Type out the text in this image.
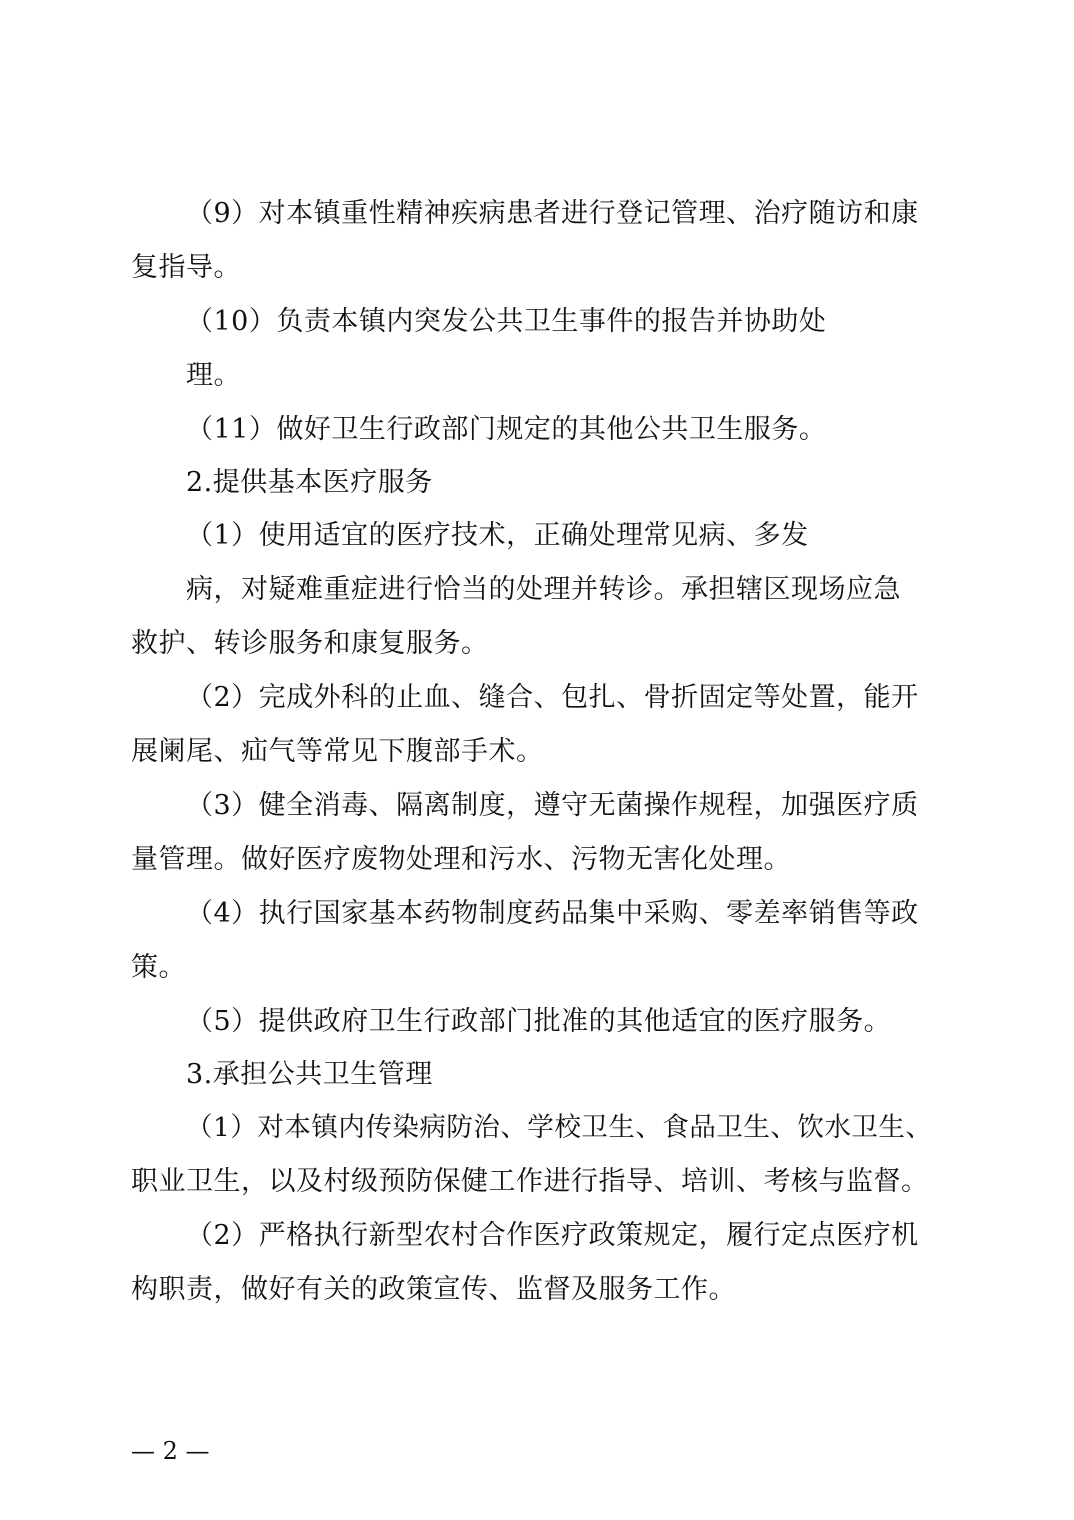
（9）对本镇重性精神疾病患者进行登记管理、治疗随访和康
复指导。
（10）负责本镇内突发公共卫生事件的报告并协助处
理。
（11）做好卫生行政部门规定的其他公共卫生服务。
2.提供基本医疗服务
（1）使用适宜的医疗技术，正确处理常见病、多发
病，对疑难重症进行恰当的处理并转诊。承担辖区现场应急
救护、转诊服务和康复服务。
（2）完成外科的止血、缝合、包扎、骨折固定等处置，能开
展阑尾、疝气等常见下腹部手术。
（3）健全消毒、隔离制度，遵守无菌操作规程，加强医疗质
量管理。做好医疗废物处理和污水、污物无害化处理。
（4）执行国家基本药物制度药品集中采购、零差率销售等政
策。
（5）提供政府卫生行政部门批准的其他适宜的医疗服务。
3.承担公共卫生管理
（1）对本镇内传染病防治、学校卫生、食品卫生、饮水卫生、
职业卫生，以及村级预防保健工作进行指导、培训、考核与监督。
（2）严格执行新型农村合作医疗政策规定，履行定点医疗机
构职责，做好有关的政策宣传、监督及服务工作。
— 2 —
